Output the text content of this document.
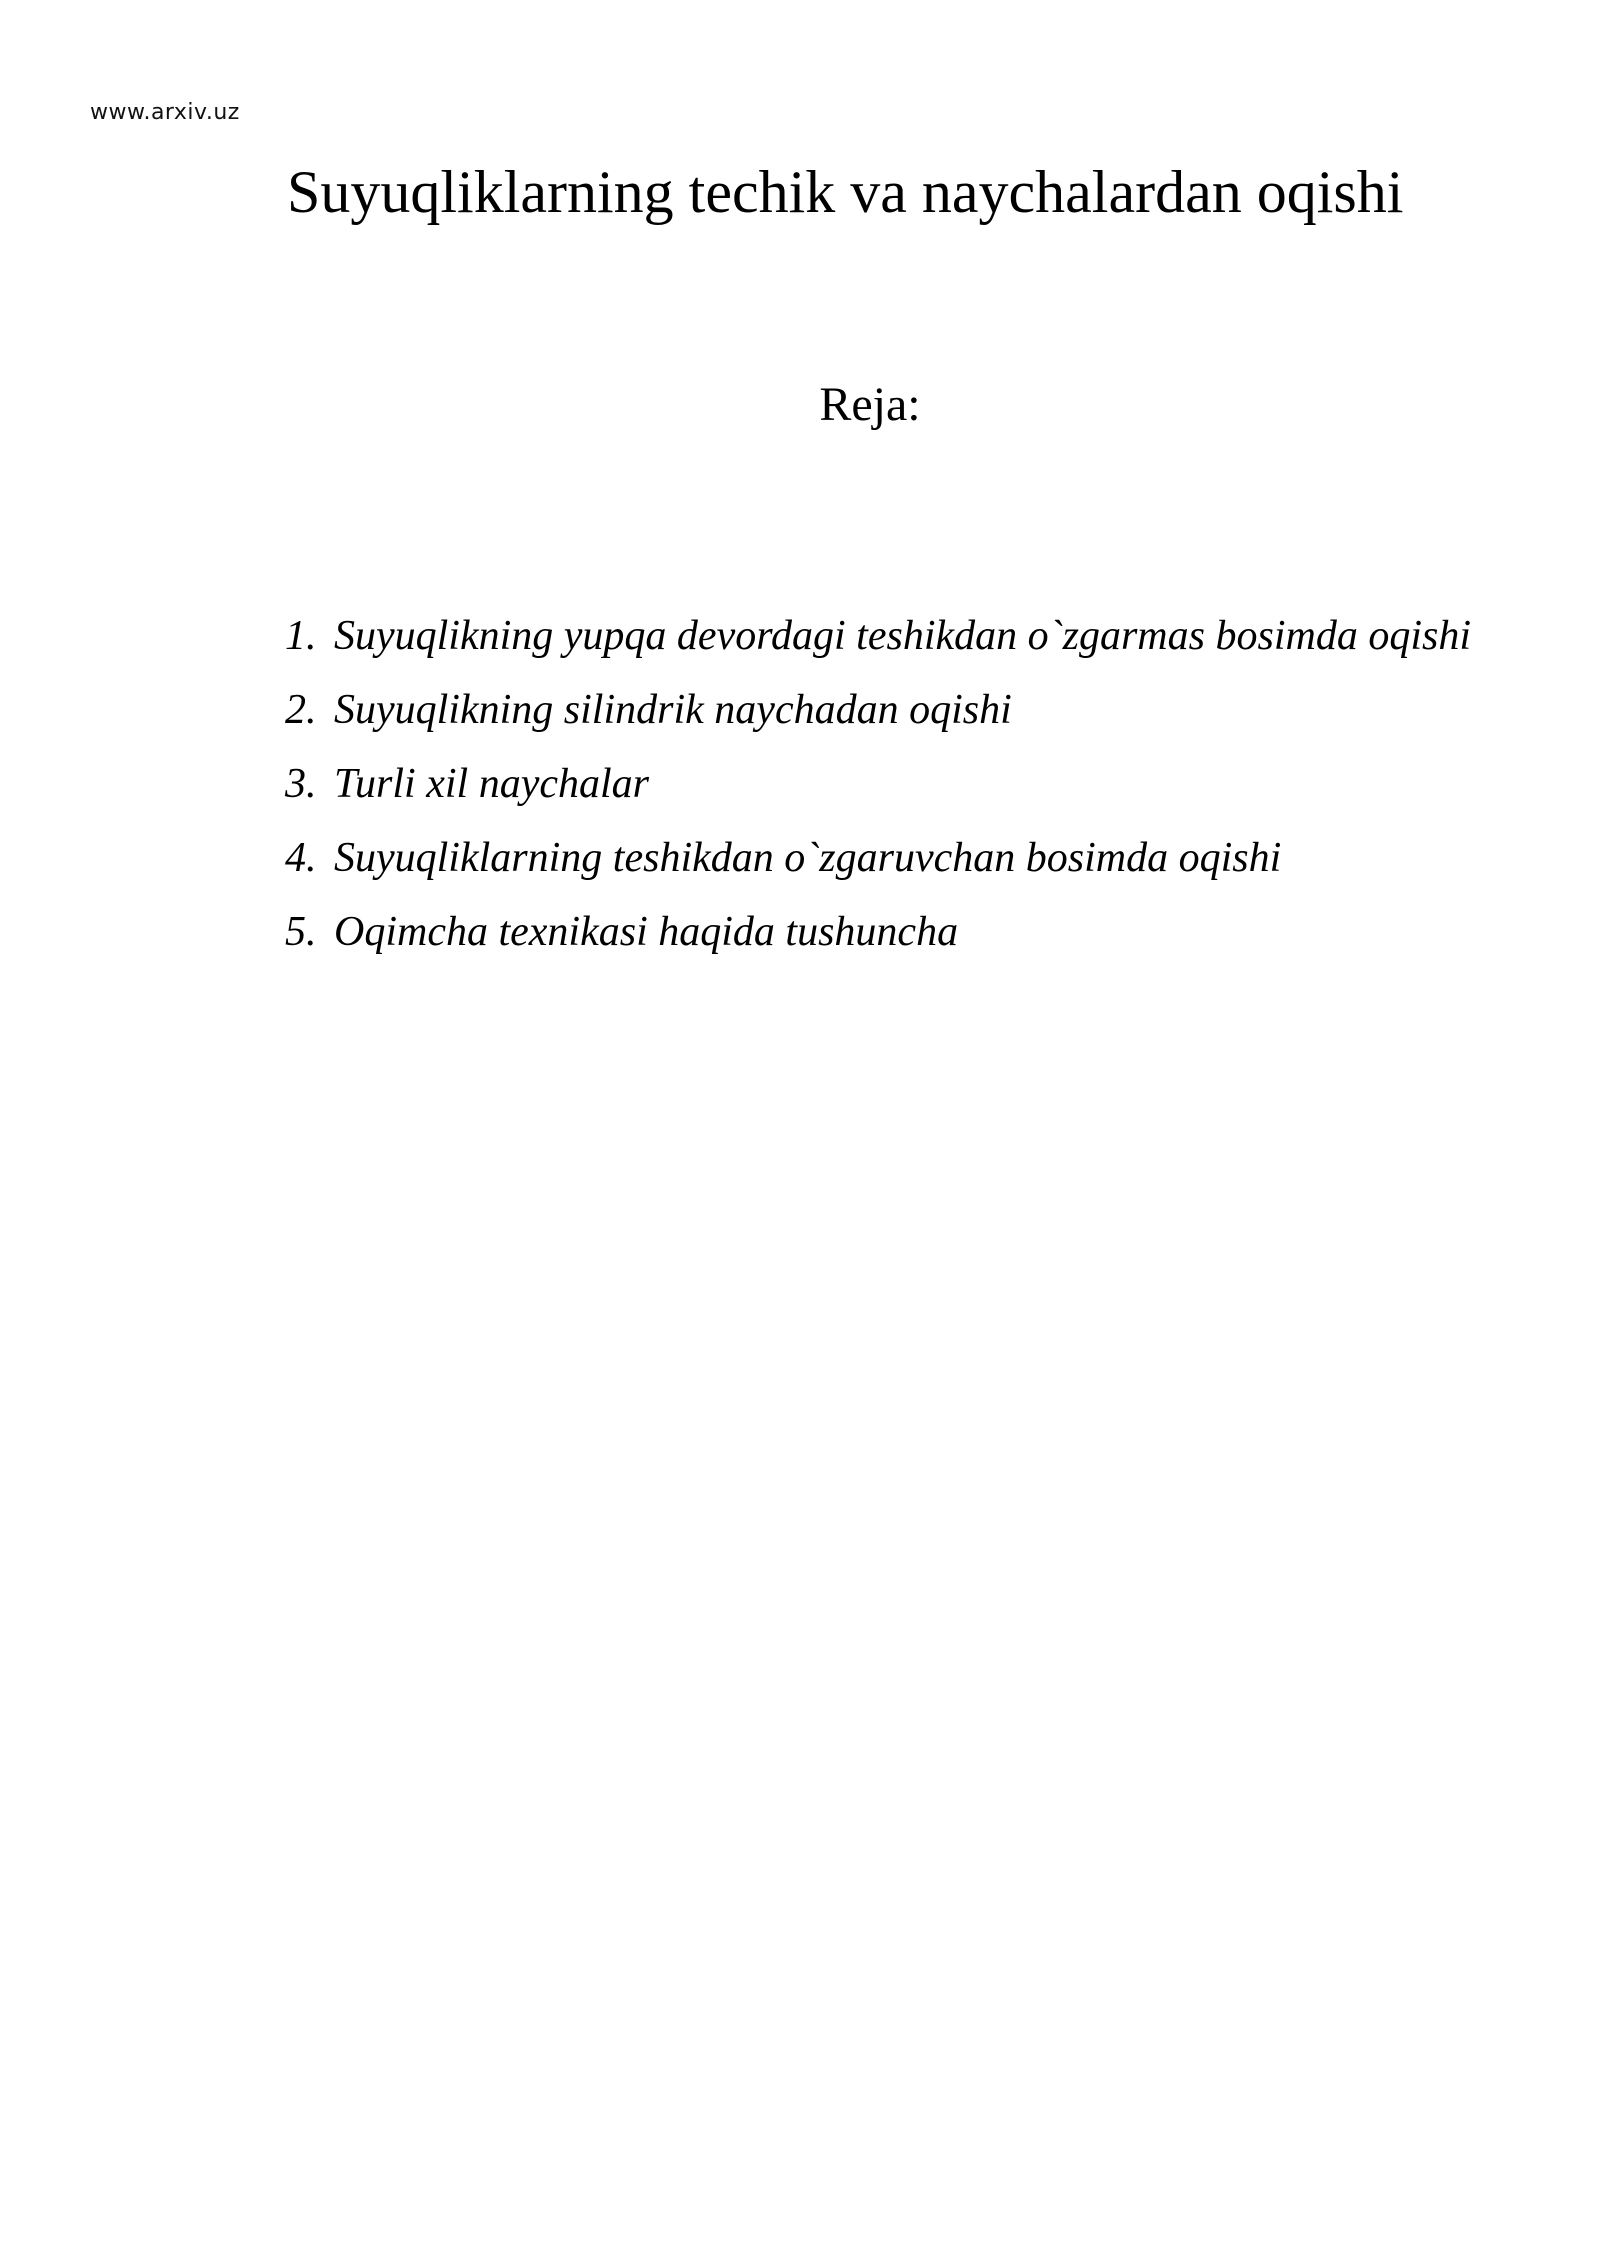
www.arxiv.uz
Suyuqliklarning techik va naychalardan oqishi
Reja:
1. Suyuqlikning yupqa devordagi teshikdan o`zgarmas bosimda oqishi
2. Suyuqlikning silindrik naychadan oqishi
3. Turli xil naychalar
4. Suyuqliklarning teshikdan o`zgaruvchan bosimda oqishi
5. Oqimcha texnikasi haqida tushuncha
